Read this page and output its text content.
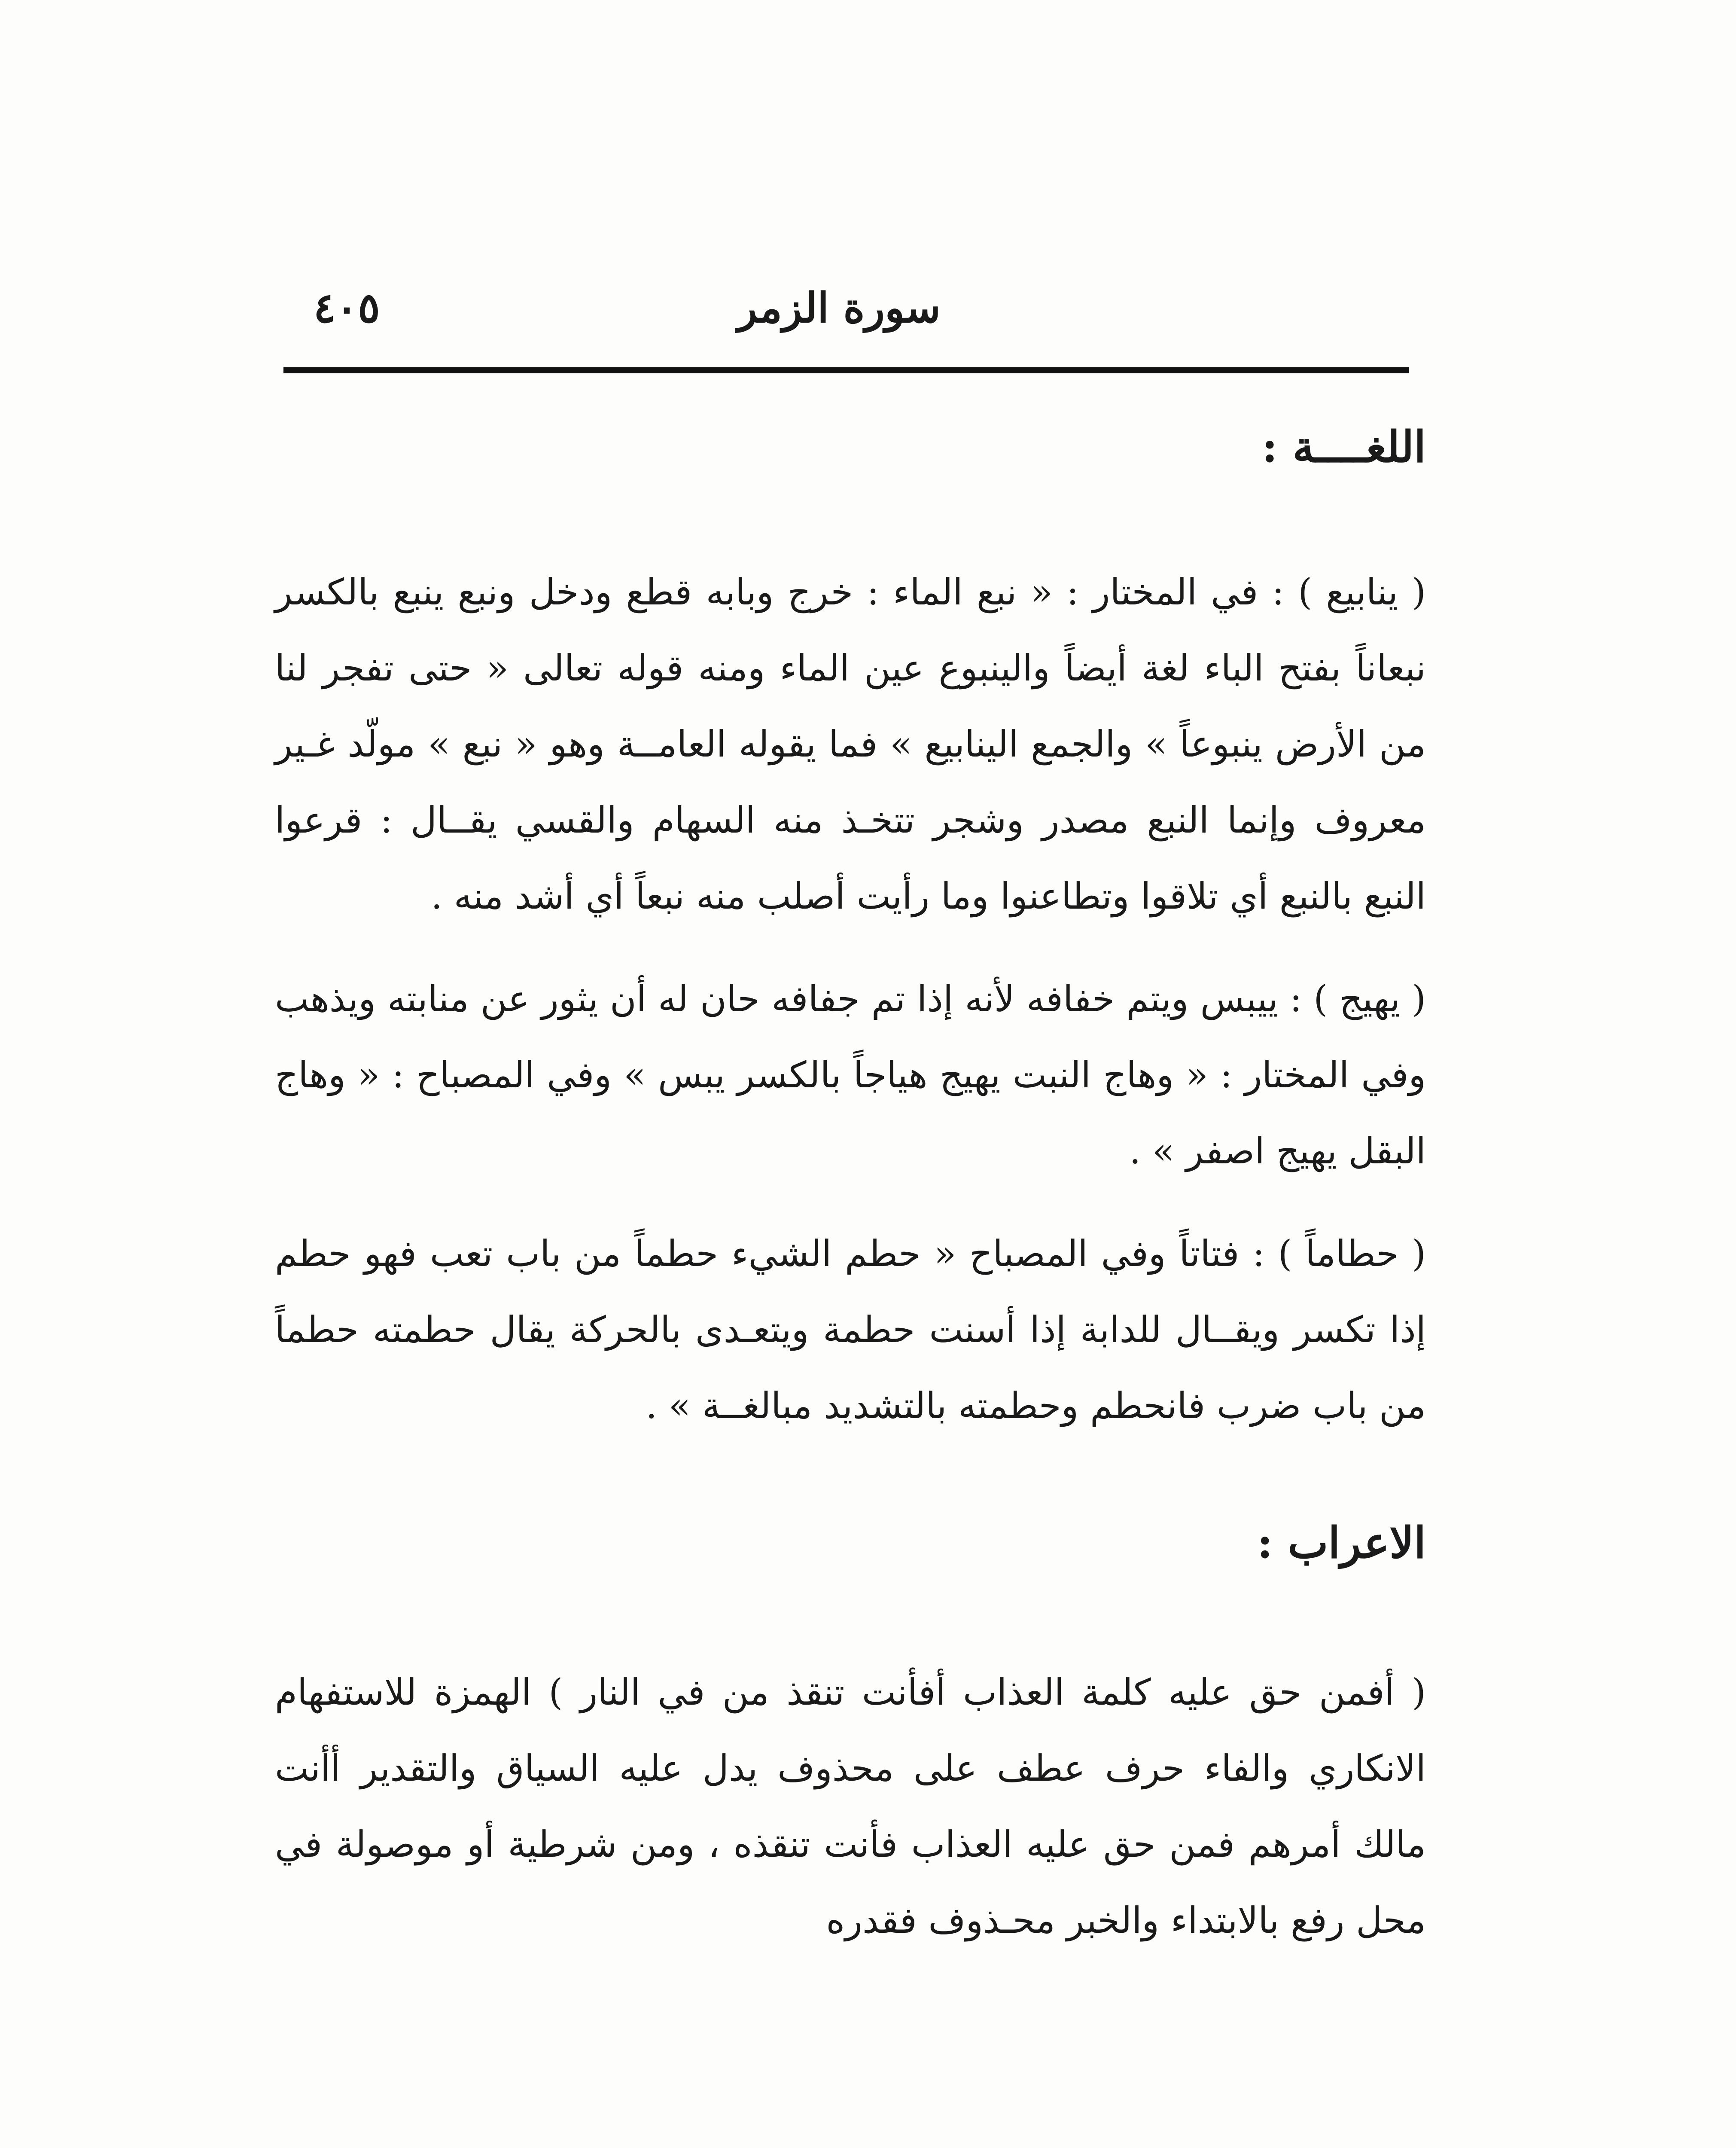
سورة الزمر
٤٠٥
اللغــــة :

( ينابيع ) : في المختار : « نبع الماء : خرج وبابه قطع ودخل ونبع ينبع بالكسر نبعاناً بفتح الباء لغة أيضاً والينبوع عين الماء ومنه قوله تعالى « حتى تفجر لنا من الأرض ينبوعاً » والجمع الينابيع » فما يقوله العامــة وهو « نبع » مولّد غـير معروف وإنما النبع مصدر وشجر تتخـذ منه السهام والقسي يقــال : قرعوا النبع بالنبع أي تلاقوا وتطاعنوا وما رأيت أصلب منه نبعاً أي أشد منه .

( يهيج ) : ييبس ويتم خفافه لأنه إذا تم جفافه حان له أن يثور عن منابته ويذهب وفي المختار : « وهاج النبت يهيج هياجاً بالكسر يبس » وفي المصباح : « وهاج البقل يهيج اصفر » .

( حطاماً ) : فتاتاً وفي المصباح « حطم الشيء حطماً من باب تعب فهو حطم إذا تكسر ويقــال للدابة إذا أسنت حطمة ويتعـدى بالحركة يقال حطمته حطماً من باب ضرب فانحطم وحطمته بالتشديد مبالغــة » .

الاعراب :

( أفمن حق عليه كلمة العذاب أفأنت تنقذ من في النار ) الهمزة للاستفهام الانكاري والفاء حرف عطف على محذوف يدل عليه السياق والتقدير أأنت مالك أمرهم فمن حق عليه العذاب فأنت تنقذه ، ومن شرطية أو موصولة في محل رفع بالابتداء والخبر محـذوف فقدره
